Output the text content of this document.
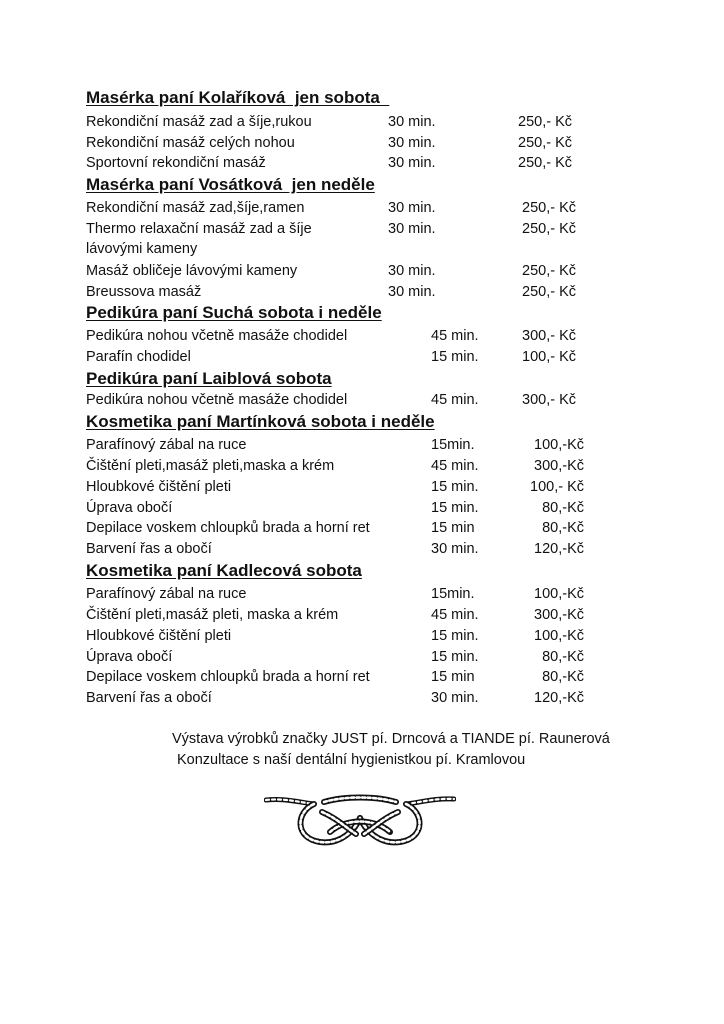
Masérka paní Kolaříková  jen sobota
Rekondiční masáž zad a šíje,rukou	30 min.	250,- Kč
Rekondiční masáž celých nohou	30 min.	250,- Kč
Sportovní rekondiční masáž	30 min.	250,- Kč
Masérka paní Vosátková  jen neděle
Rekondiční masáž zad,šíje,ramen	30 min.	250,- Kč
Thermo relaxační masáž zad a šíje	30 min.	250,- Kč
lávovými kameny
Masáž obličeje lávovými kameny	30 min.	250,- Kč
Breussova masáž	30 min.	250,- Kč
Pedikúra paní Suchá sobota i neděle
Pedikúra nohou včetně masáže chodidel	45 min.	300,- Kč
Parafín chodidel	15 min.	100,- Kč
Pedikúra paní Laiblová sobota
Pedikúra nohou včetně masáže chodidel	45 min.	300,- Kč
Kosmetika paní Martínková sobota i neděle
Parafínový zábal na ruce	15min.	100,-Kč
Čištění pleti,masáž pleti,maska a krém	45 min.	300,-Kč
Hloubkové čištění pleti	15 min.	100,- Kč
Úprava obočí	15 min.	80,-Kč
Depilace voskem chloupků brada a horní ret	15 min	80,-Kč
Barvení řas a obočí	30 min.	120,-Kč
Kosmetika paní Kadlecová sobota
Parafínový zábal na ruce	15min.	100,-Kč
Čištění pleti,masáž pleti, maska a krém	45 min.	300,-Kč
Hloubkové čištění pleti	15 min.	100,-Kč
Úprava obočí	15 min.	80,-Kč
Depilace voskem chloupků brada a horní ret	15 min	80,-Kč
Barvení řas a obočí	30 min.	120,-Kč
Výstava výrobků značky JUST pí. Drncová a TIANDE pí. Raunerová
Konzultace s naší dentální hygienistkou pí. Kramlovou
